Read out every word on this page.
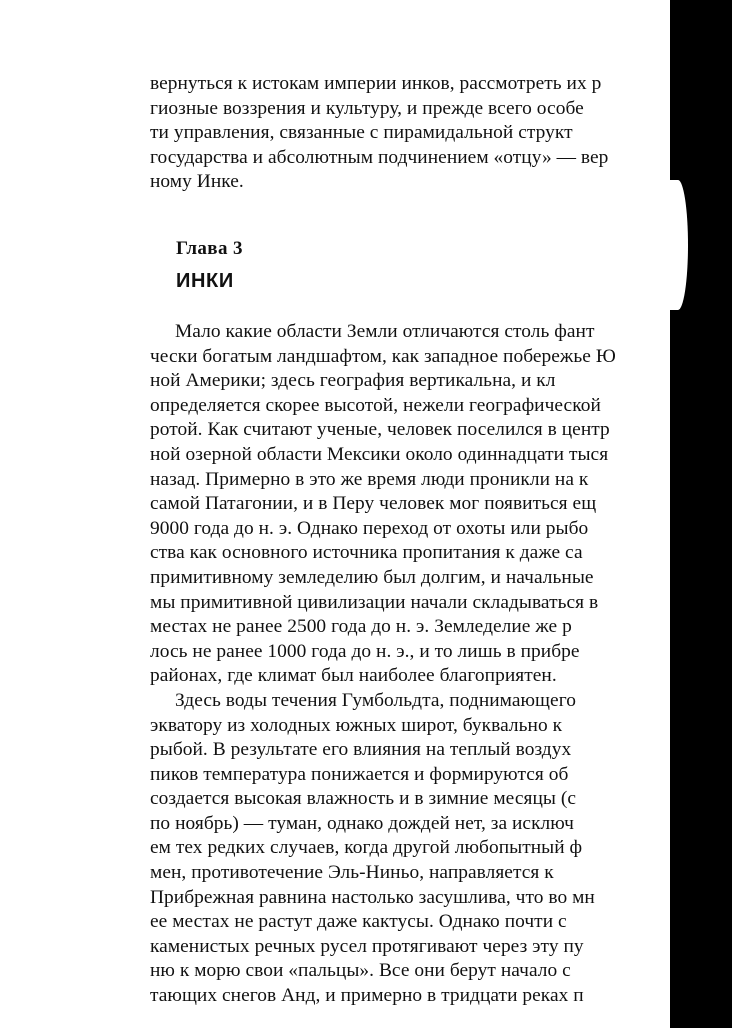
вернуться к истокам империи инков, рассмотреть их р
гиозные воззрения и культуру, и прежде всего особе
ти управления, связанные с пирамидальной структ
государства и абсолютным подчинением «отцу» — вер
ному Инке.
Глава 3
ИНКИ
Мало какие области Земли отличаются столь фант
чески богатым ландшафтом, как западное побережье Ю
ной Америки; здесь география вертикальна, и кл
определяется скорее высотой, нежели географической
ротой. Как считают ученые, человек поселился в центр
ной озерной области Мексики около одиннадцати тыся
назад. Примерно в это же время люди проникли на к
самой Патагонии, и в Перу человек мог появиться ещ
9000 года до н. э. Однако переход от охоты или рыбо
ства как основного источника пропитания к даже са
примитивному земледелию был долгим, и начальные
мы примитивной цивилизации начали складываться в
местах не ранее 2500 года до н. э. Земледелие же р
лось не ранее 1000 года до н. э., и то лишь в прибре
районах, где климат был наиболее благоприятен.
Здесь воды течения Гумбольдта, поднимающего
экватору из холодных южных широт, буквально к
рыбой. В результате его влияния на теплый воздух
пиков температура понижается и формируются об
создается высокая влажность и в зимние месяцы (с
по ноябрь) — туман, однако дождей нет, за исключ
ем тех редких случаев, когда другой любопытный ф
мен, противотечение Эль-Ниньо, направляется к
Прибрежная равнина настолько засушлива, что во мн
ее местах не растут даже кактусы. Однако почти с
каменистых речных русел протягивают через эту пу
ню к морю свои «пальцы». Все они берут начало с
тающих снегов Анд, и примерно в тридцати реках п
